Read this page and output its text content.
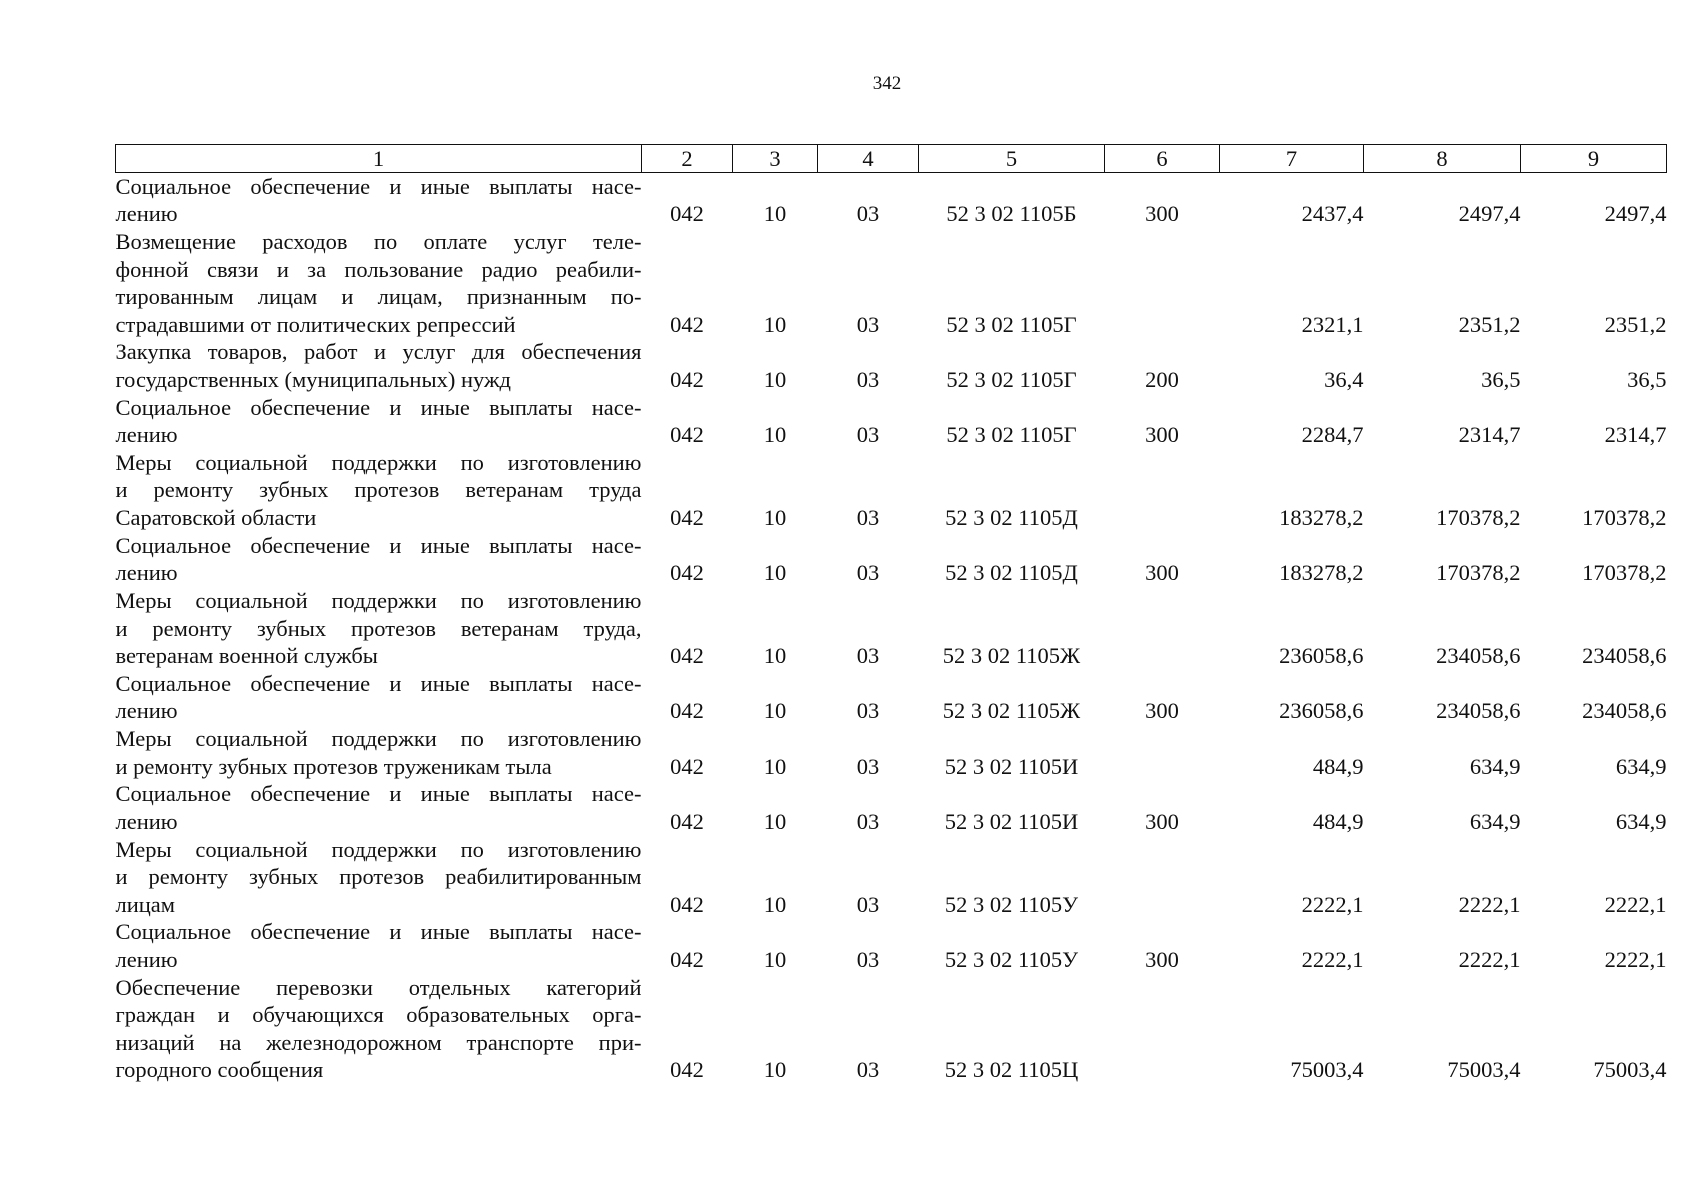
342
1	2	3	4	5	6	7	8	9

Социальное обеспечение и иные выплаты насе-
лению	042	10	03	52 3 02 1105Б	300	2437,4	2497,4	2497,4

Возмещение расходов по оплате услуг теле-
фонной связи и за пользование радио реабили-
тированным лицам и лицам, признанным по-
страдавшими от политических репрессий	042	10	03	52 3 02 1105Г		2321,1	2351,2	2351,2

Закупка товаров, работ и услуг для обеспечения
государственных (муниципальных) нужд	042	10	03	52 3 02 1105Г	200	36,4	36,5	36,5

Социальное обеспечение и иные выплаты насе-
лению	042	10	03	52 3 02 1105Г	300	2284,7	2314,7	2314,7

Меры социальной поддержки по изготовлению
и ремонту зубных протезов ветеранам труда
Саратовской области	042	10	03	52 3 02 1105Д		183278,2	170378,2	170378,2

Социальное обеспечение и иные выплаты насе-
лению	042	10	03	52 3 02 1105Д	300	183278,2	170378,2	170378,2

Меры социальной поддержки по изготовлению
и ремонту зубных протезов ветеранам труда,
ветеранам военной службы	042	10	03	52 3 02 1105Ж		236058,6	234058,6	234058,6

Социальное обеспечение и иные выплаты насе-
лению	042	10	03	52 3 02 1105Ж	300	236058,6	234058,6	234058,6

Меры социальной поддержки по изготовлению
и ремонту зубных протезов труженикам тыла	042	10	03	52 3 02 1105И		484,9	634,9	634,9

Социальное обеспечение и иные выплаты насе-
лению	042	10	03	52 3 02 1105И	300	484,9	634,9	634,9

Меры социальной поддержки по изготовлению
и ремонту зубных протезов реабилитированным
лицам	042	10	03	52 3 02 1105У		2222,1	2222,1	2222,1

Социальное обеспечение и иные выплаты насе-
лению	042	10	03	52 3 02 1105У	300	2222,1	2222,1	2222,1

Обеспечение перевозки отдельных категорий
граждан и обучающихся образовательных орга-
низаций на железнодорожном транспорте при-
городного сообщения	042	10	03	52 3 02 1105Ц		75003,4	75003,4	75003,4
